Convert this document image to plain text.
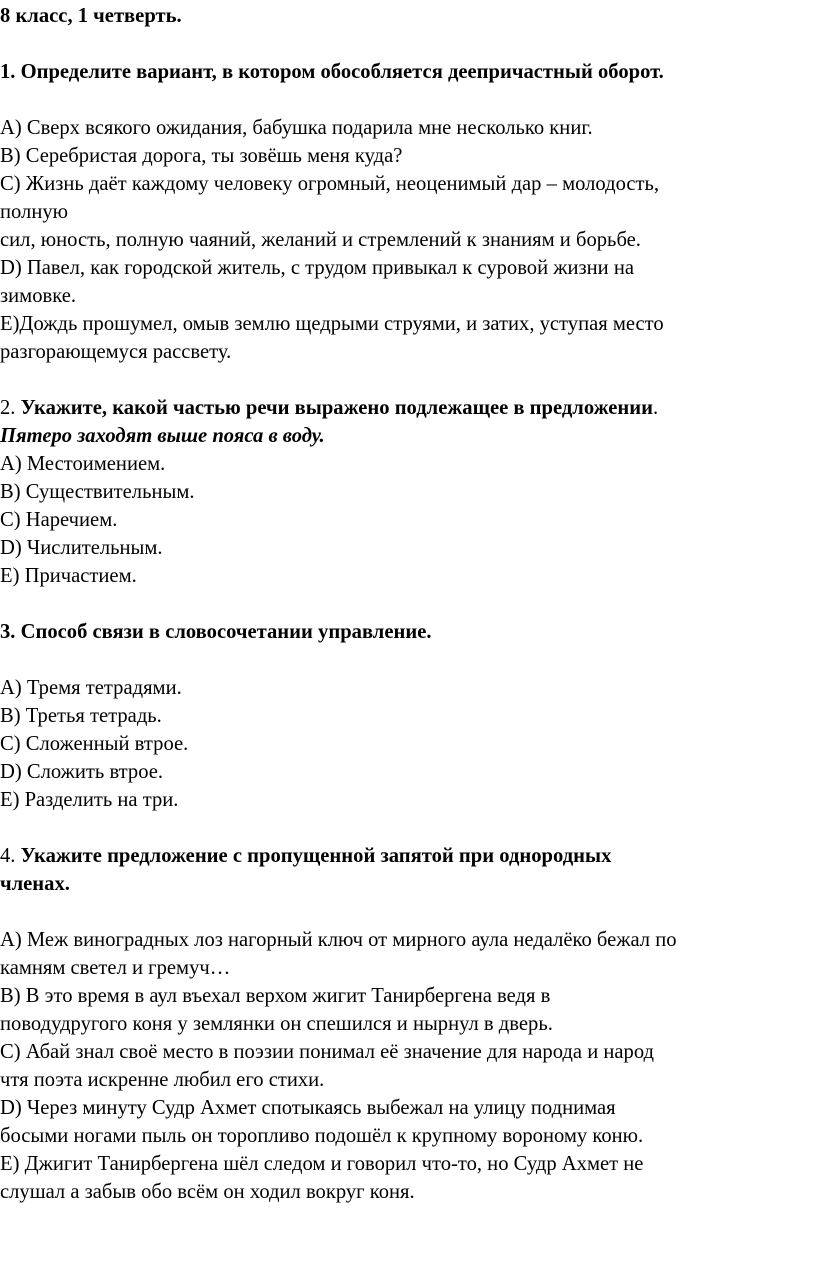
8 класс, 1 четверть.
1. Определите вариант, в котором обособляется деепричастный оборот.
A) Сверх всякого ожидания, бабушка подарила мне несколько книг.
B) Серебристая дорога, ты зовёшь меня куда?
C) Жизнь даёт каждому человеку огромный, неоценимый дар – молодость,
полную
сил, юность, полную чаяний, желаний и стремлений к знаниям и борьбе.
D) Павел, как городской житель, с трудом привыкал к суровой жизни на
зимовке.
E)Дождь прошумел, омыв землю щедрыми струями, и затих, уступая место
разгорающемуся рассвету.
2. Укажите, какой частью речи выражено подлежащее в предложении.
Пятеро заходят выше пояса в воду.
A) Местоимением.
B) Существительным.
C) Наречием.
D) Числительным.
E) Причастием.
3. Способ связи в словосочетании управление.
A) Тремя тетрадями.
B) Третья тетрадь.
C) Сложенный втрое.
D) Сложить втрое.
E) Разделить на три.
4. Укажите предложение с пропущенной запятой при однородных
членах.
A) Меж виноградных лоз нагорный ключ от мирного аула недалёко бежал по
камням светел и гремуч…
B) В это время в аул въехал верхом жигит Танирбергена ведя в
поводудругого коня у землянки он спешился и нырнул в дверь.
C) Абай знал своё место в поэзии понимал её значение для народа и народ
чтя поэта искренне любил его стихи.
D) Через минуту Судр Ахмет спотыкаясь выбежал на улицу поднимая
босыми ногами пыль он торопливо подошёл к крупному вороному коню.
E) Джигит Танирбергена шёл следом и говорил что-то, но Судр Ахмет не
слушал а забыв обо всём он ходил вокруг коня.
